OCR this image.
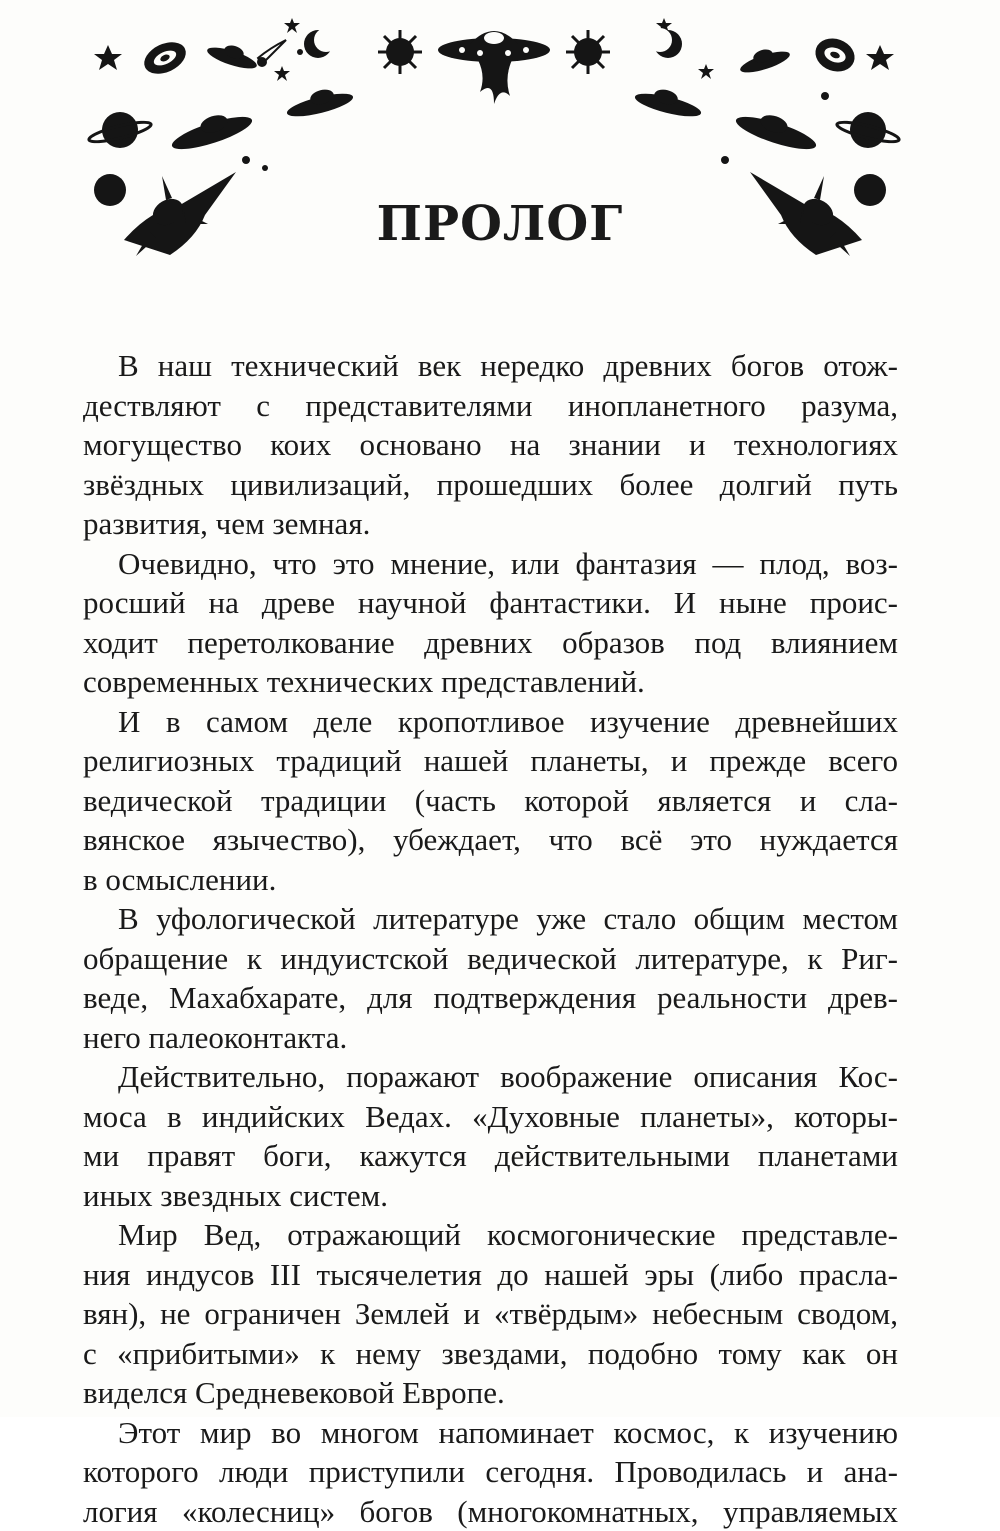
ПРОЛОГ
В наш технический век нередко древних богов отож-
дествляют с представителями инопланетного разума,
могущество коих основано на знании и технологиях
звёздных цивилизаций, прошедших более долгий путь
развития, чем земная.
Очевидно, что это мнение, или фантазия — плод, воз-
росший на древе научной фантастики. И ныне проис-
ходит перетолкование древних образов под влиянием
современных технических представлений.
И в самом деле кропотливое изучение древнейших
религиозных традиций нашей планеты, и прежде всего
ведической традиции (часть которой является и сла-
вянское язычество), убеждает, что всё это нуждается
в осмыслении.
В уфологической литературе уже стало общим местом
обращение к индуистской ведической литературе, к Риг-
веде, Махабхарате, для подтверждения реальности древ-
него палеоконтакта.
Действительно, поражают воображение описания Кос-
моса в индийских Ведах. «Духовные планеты», которы-
ми правят боги, кажутся действительными планетами
иных звездных систем.
Мир Вед, отражающий космогонические представле-
ния индусов III тысячелетия до нашей эры (либо прасла-
вян), не ограничен Землей и «твёрдым» небесным сводом,
с «прибитыми» к нему звездами, подобно тому как он
виделся Средневековой Европе.
Этот мир во многом напоминает космос, к изучению
которого люди приступили сегодня. Проводилась и ана-
логия «колесниц» богов (многокомнатных, управляемых
